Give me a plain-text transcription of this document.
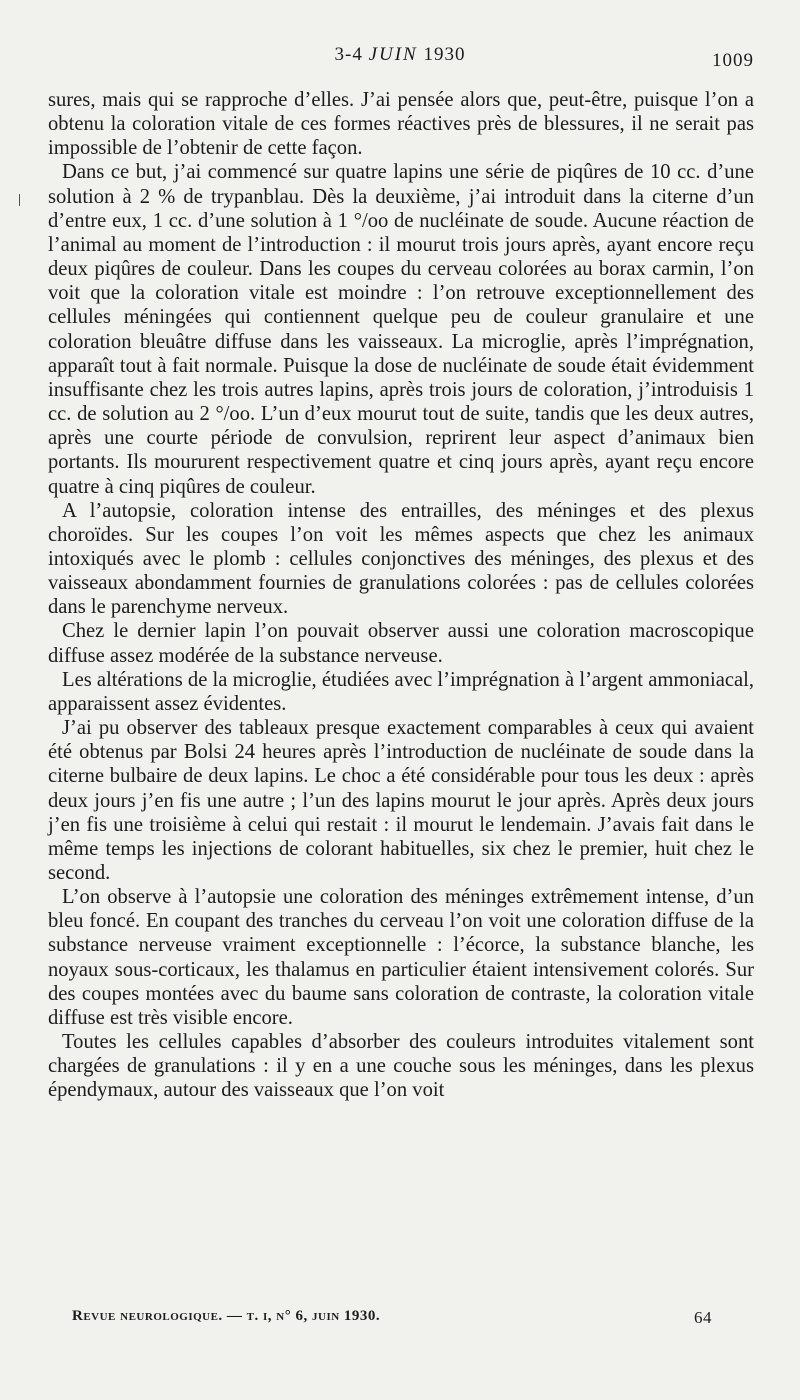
3-4 JUIN 1930	1009

sures, mais qui se rapproche d’elles. J’ai pensée alors que, peut-être, puisque l’on a obtenu la coloration vitale de ces formes réactives près de blessures, il ne serait pas impossible de l’obtenir de cette façon.

Dans ce but, j’ai commencé sur quatre lapins une série de piqûres de 10 cc. d’une solution à 2 % de trypanblau. Dès la deuxième, j’ai introduit dans la citerne d’un d’entre eux, 1 cc. d’une solution à 1 °/oo de nucléinate de soude. Aucune réaction de l’animal au moment de l’introduction : il mourut trois jours après, ayant encore reçu deux piqûres de couleur. Dans les coupes du cerveau colorées au borax carmin, l’on voit que la coloration vitale est moindre : l’on retrouve exceptionnellement des cellules méningées qui contiennent quelque peu de couleur granulaire et une coloration bleuâtre diffuse dans les vaisseaux. La microglie, après l’imprégnation, apparaît tout à fait normale. Puisque la dose de nucléinate de soude était évidemment insuffisante chez les trois autres lapins, après trois jours de coloration, j’introduisis 1 cc. de solution au 2 °/oo. L’un d’eux mourut tout de suite, tandis que les deux autres, après une courte période de convulsion, reprirent leur aspect d’animaux bien portants. Ils moururent respectivement quatre et cinq jours après, ayant reçu encore quatre à cinq piqûres de couleur.

A l’autopsie, coloration intense des entrailles, des méninges et des plexus choroïdes. Sur les coupes l’on voit les mêmes aspects que chez les animaux intoxiqués avec le plomb : cellules conjonctives des méninges, des plexus et des vaisseaux abondamment fournies de granulations colorées : pas de cellules colorées dans le parenchyme nerveux.

Chez le dernier lapin l’on pouvait observer aussi une coloration macroscopique diffuse assez modérée de la substance nerveuse.

Les altérations de la microglie, étudiées avec l’imprégnation à l’argent ammoniacal, apparaissent assez évidentes.

J’ai pu observer des tableaux presque exactement comparables à ceux qui avaient été obtenus par Bolsi 24 heures après l’introduction de nucléinate de soude dans la citerne bulbaire de deux lapins. Le choc a été considérable pour tous les deux : après deux jours j’en fis une autre ; l’un des lapins mourut le jour après. Après deux jours j’en fis une troisième à celui qui restait : il mourut le lendemain. J’avais fait dans le même temps les injections de colorant habituelles, six chez le premier, huit chez le second.

L’on observe à l’autopsie une coloration des méninges extrêmement intense, d’un bleu foncé. En coupant des tranches du cerveau l’on voit une coloration diffuse de la substance nerveuse vraiment exceptionnelle : l’écorce, la substance blanche, les noyaux sous-corticaux, les thalamus en particulier étaient intensivement colorés. Sur des coupes montées avec du baume sans coloration de contraste, la coloration vitale diffuse est très visible encore.

Toutes les cellules capables d’absorber des couleurs introduites vitalement sont chargées de granulations : il y en a une couche sous les méninges, dans les plexus épendymaux, autour des vaisseaux que l’on voit

Revue neurologique. — t. i, n° 6, juin 1930.	64
